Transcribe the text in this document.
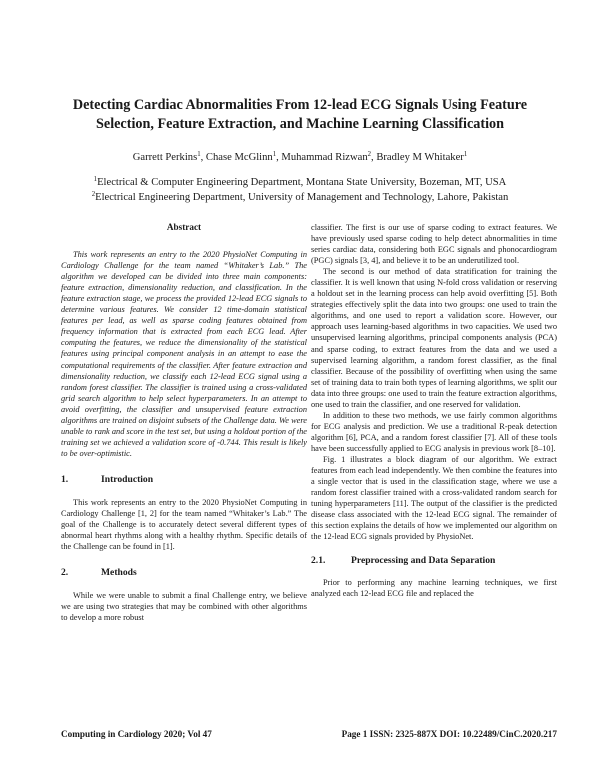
Detecting Cardiac Abnormalities From 12-lead ECG Signals Using Feature
Selection, Feature Extraction, and Machine Learning Classification
Garrett Perkins$^1$, Chase McGlinn$^1$, Muhammad Rizwan$^2$, Bradley M Whitaker$^1$
$^1$Electrical & Computer Engineering Department, Montana State University, Bozeman, MT, USA
$^2$Electrical Engineering Department, University of Management and Technology, Lahore, Pakistan
Abstract

This work represents an entry to the 2020 PhysioNet Computing in Cardiology Challenge for the team named “Whitaker’s Lab.” The algorithm we developed can be divided into three main components: feature extraction, dimensionality reduction, and classification. In the feature extraction stage, we process the provided 12-lead ECG signals to determine various features. We consider 12 time-domain statistical features per lead, as well as sparse coding features obtained from frequency information that is extracted from each ECG lead. After computing the features, we reduce the dimensionality of the statistical features using principal component analysis in an attempt to ease the computational requirements of the classifier. After feature extraction and dimensionality reduction, we classify each 12-lead ECG signal using a random forest classifier. The classifier is trained using a cross-validated grid search algorithm to help select hyperparameters. In an attempt to avoid overfitting, the classifier and unsupervised feature extraction algorithms are trained on disjoint subsets of the Challenge data. We were unable to rank and score in the test set, but using a holdout portion of the training set we achieved a validation score of -0.744. This result is likely to be over-optimistic.

1.	Introduction

This work represents an entry to the 2020 PhysioNet Computing in Cardiology Challenge [1, 2] for the team named “Whitaker’s Lab.” The goal of the Challenge is to accurately detect several different types of abnormal heart rhythms along with a healthy rhythm. Specific details of the Challenge can be found in [1].

2.	Methods

While we were unable to submit a final Challenge entry, we believe we are using two strategies that may be combined with other algorithms to develop a more robust

classifier. The first is our use of sparse coding to extract features. We have previously used sparse coding to help detect abnormalities in time series cardiac data, considering both EGC signals and phonocardiogram (PGC) signals [3, 4], and believe it to be an underutilized tool.

The second is our method of data stratification for training the classifier. It is well known that using N-fold cross validation or reserving a holdout set in the learning process can help avoid overfitting [5]. Both strategies effectively split the data into two groups: one used to train the algorithms, and one used to report a validation score. However, our approach uses learning-based algorithms in two capacities. We used two unsupervised learning algorithms, principal components analysis (PCA) and sparse coding, to extract features from the data and we used a supervised learning algorithm, a random forest classifier, as the final classifier. Because of the possibility of overfitting when using the same set of training data to train both types of learning algorithms, we split our data into three groups: one used to train the feature extraction algorithms, one used to train the classifier, and one reserved for validation.

In addition to these two methods, we use fairly common algorithms for ECG analysis and prediction. We use a traditional R-peak detection algorithm [6], PCA, and a random forest classifier [7]. All of these tools have been successfully applied to ECG analysis in previous work [8–10].

Fig. 1 illustrates a block diagram of our algorithm. We extract features from each lead independently. We then combine the features into a single vector that is used in the classification stage, where we use a random forest classifier trained with a cross-validated random search for tuning hyperparameters [11]. The output of the classifier is the predicted disease class associated with the 12-lead ECG signal. The remainder of this section explains the details of how we implemented our algorithm on the 12-lead ECG signals provided by PhysioNet.

2.1.	Preprocessing and Data Separation

Prior to performing any machine learning techniques, we first analyzed each 12-lead ECG file and replaced the

Computing in Cardiology 2020; Vol 47	Page 1 ISSN: 2325-887X DOI: 10.22489/CinC.2020.217
